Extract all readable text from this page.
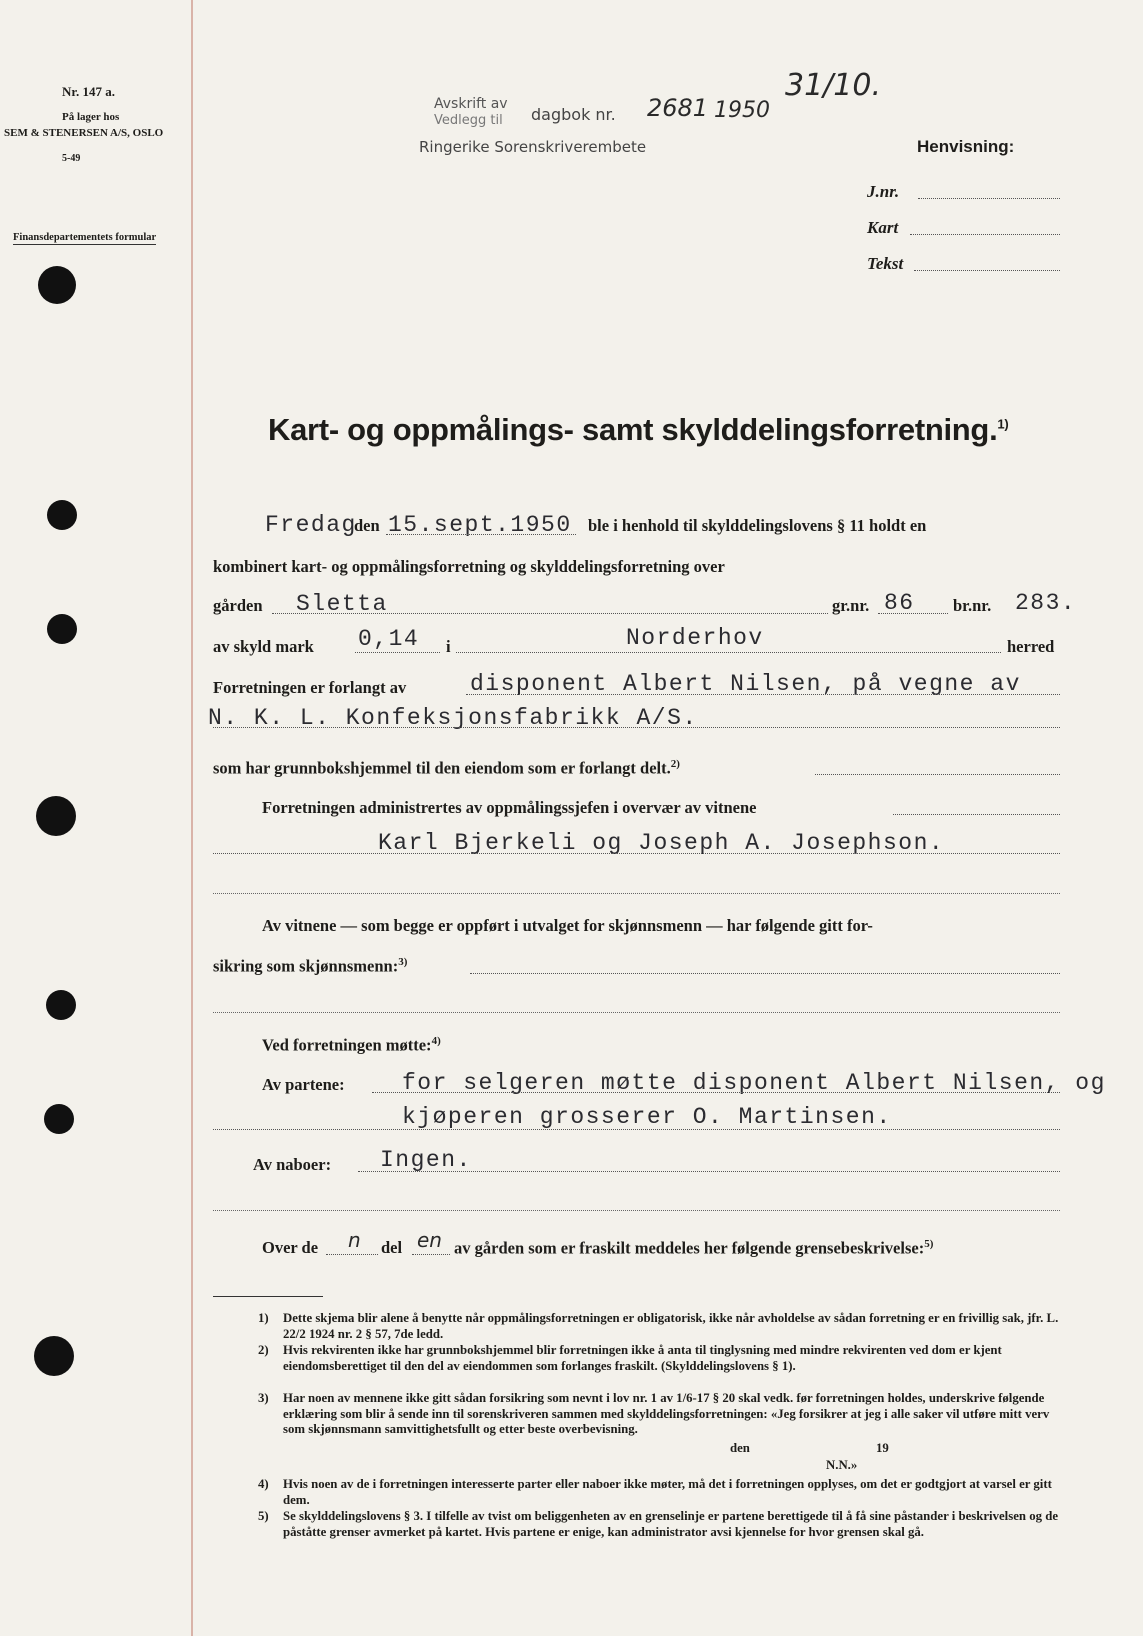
Nr. 147 a.
På lager hos
SEM & STENERSEN A/S, OSLO
5-49
Finansdepartementets formular
Avskrift av
Vedlegg til dagbok nr. 2681 1950
31/10.
Ringerike Sorenskriverembete	Henvisning:
J.nr.
Kart
Tekst
Kart- og oppmålings- samt skylddelingsforretning.$^{1)}$
Fredag
den 15.sept.1950 ble i henhold til skylddelingslovens § 11 holdt en
kombinert kart- og oppmålingsforretning og skylddelingsforretning over
gården Sletta	gr.nr. 86 br.nr. 283.
av skyld mark 0,14 i	Norderhov	herred
Forretningen er forlangt av	disponent Albert Nilsen, på vegne av
N. K. L. Konfeksjonsfabrikk A/S.
som har grunnbokshjemmel til den eiendom som er forlangt delt.$^{2)}$
Forretningen administrertes av oppmålingssjefen i overvær av vitnene
Karl Bjerkeli og Joseph A. Josephson.
Av vitnene — som begge er oppført i utvalget for skjønnsmenn — har følgende gitt for-
sikring som skjønnsmenn:$^{3)}$
Ved forretningen møtte:$^{4)}$
Av partene: for selgeren møtte disponent Albert Nilsen, og
kjøperen grosserer O. Martinsen.
Av naboer: Ingen.
Over de n del en av gården som er fraskilt meddeles her følgende grensebeskrivelse:$^{5)}$
1) Dette skjema blir alene å benytte når oppmålingsforretningen er obligatorisk, ikke når avholdelse av sådan forretning er en frivillig sak, jfr. L. 22/2 1924 nr. 2 § 57, 7de ledd.
2) Hvis rekvirenten ikke har grunnbokshjemmel blir forretningen ikke å anta til tinglysning med mindre rekvirenten ved dom er kjent eiendomsberettiget til den del av eiendommen som forlanges fraskilt. (Skylddelingslovens § 1).
3) Har noen av mennene ikke gitt sådan forsikring som nevnt i lov nr. 1 av 1/6-17 § 20 skal vedk. før forretningen holdes, underskrive følgende erklæring som blir å sende inn til sorenskriveren sammen med skylddelingsforretningen: «Jeg forsikrer at jeg i alle saker vil utføre mitt verv som skjønnsmann samvittighetsfullt og etter beste overbevisning.
den	19
N.N.»
4) Hvis noen av de i forretningen interesserte parter eller naboer ikke møter, må det i forretningen opplyses, om det er godtgjort at varsel er gitt dem.
5) Se skylddelingslovens § 3. I tilfelle av tvist om beliggenheten av en grenselinje er partene berettigede til å få sine påstander i beskrivelsen og de påståtte grenser avmerket på kartet. Hvis partene er enige, kan administrator avsi kjennelse for hvor grensen skal gå.
